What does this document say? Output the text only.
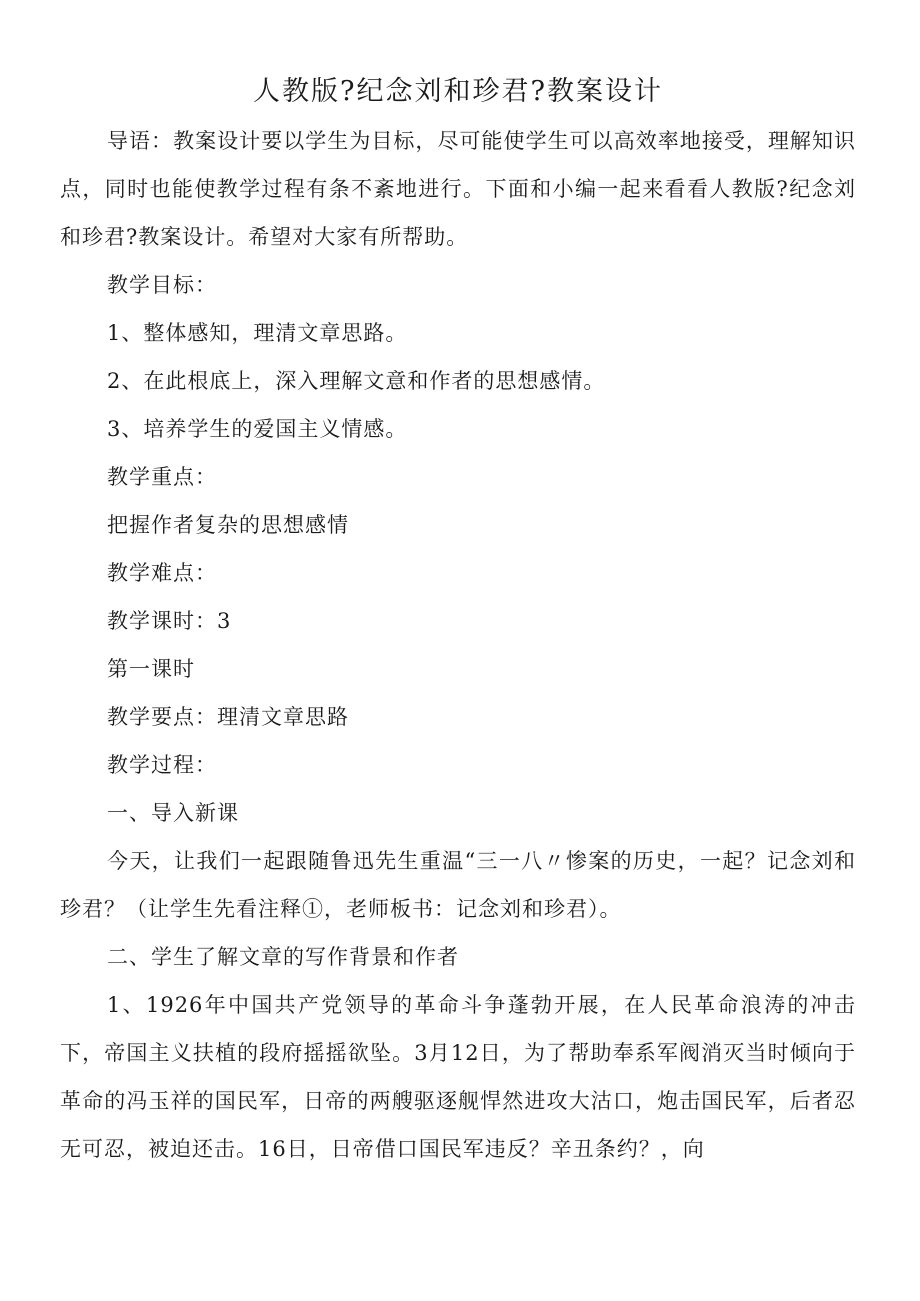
人教版?纪念刘和珍君?教案设计

导语：教案设计要以学生为目标，尽可能使学生可以高效率地接受，理解知识点，同时也能使教学过程有条不紊地进行。下面和小编一起来看看人教版?纪念刘和珍君?教案设计。希望对大家有所帮助。

教学目标：

1、整体感知，理清文章思路。

2、在此根底上，深入理解文意和作者的思想感情。

3、培养学生的爱国主义情感。

教学重点：

把握作者复杂的思想感情

教学难点：

教学课时：3

第一课时

教学要点：理清文章思路

教学过程：

一、导入新课

今天，让我们一起跟随鲁迅先生重温“三一八〃惨案的历史，一起？记念刘和珍君？（让学生先看注释①，老师板书：记念刘和珍君）。

二、学生了解文章的写作背景和作者

1、1926年中国共产党领导的革命斗争蓬勃开展，在人民革命浪涛的冲击下，帝国主义扶植的段府摇摇欲坠。3月12日，为了帮助奉系军阀消灭当时倾向于革命的冯玉祥的国民军，日帝的两艘驱逐舰悍然进攻大沽口，炮击国民军，后者忍无可忍，被迫还击。16日，日帝借口国民军违反？辛丑条约？，向
